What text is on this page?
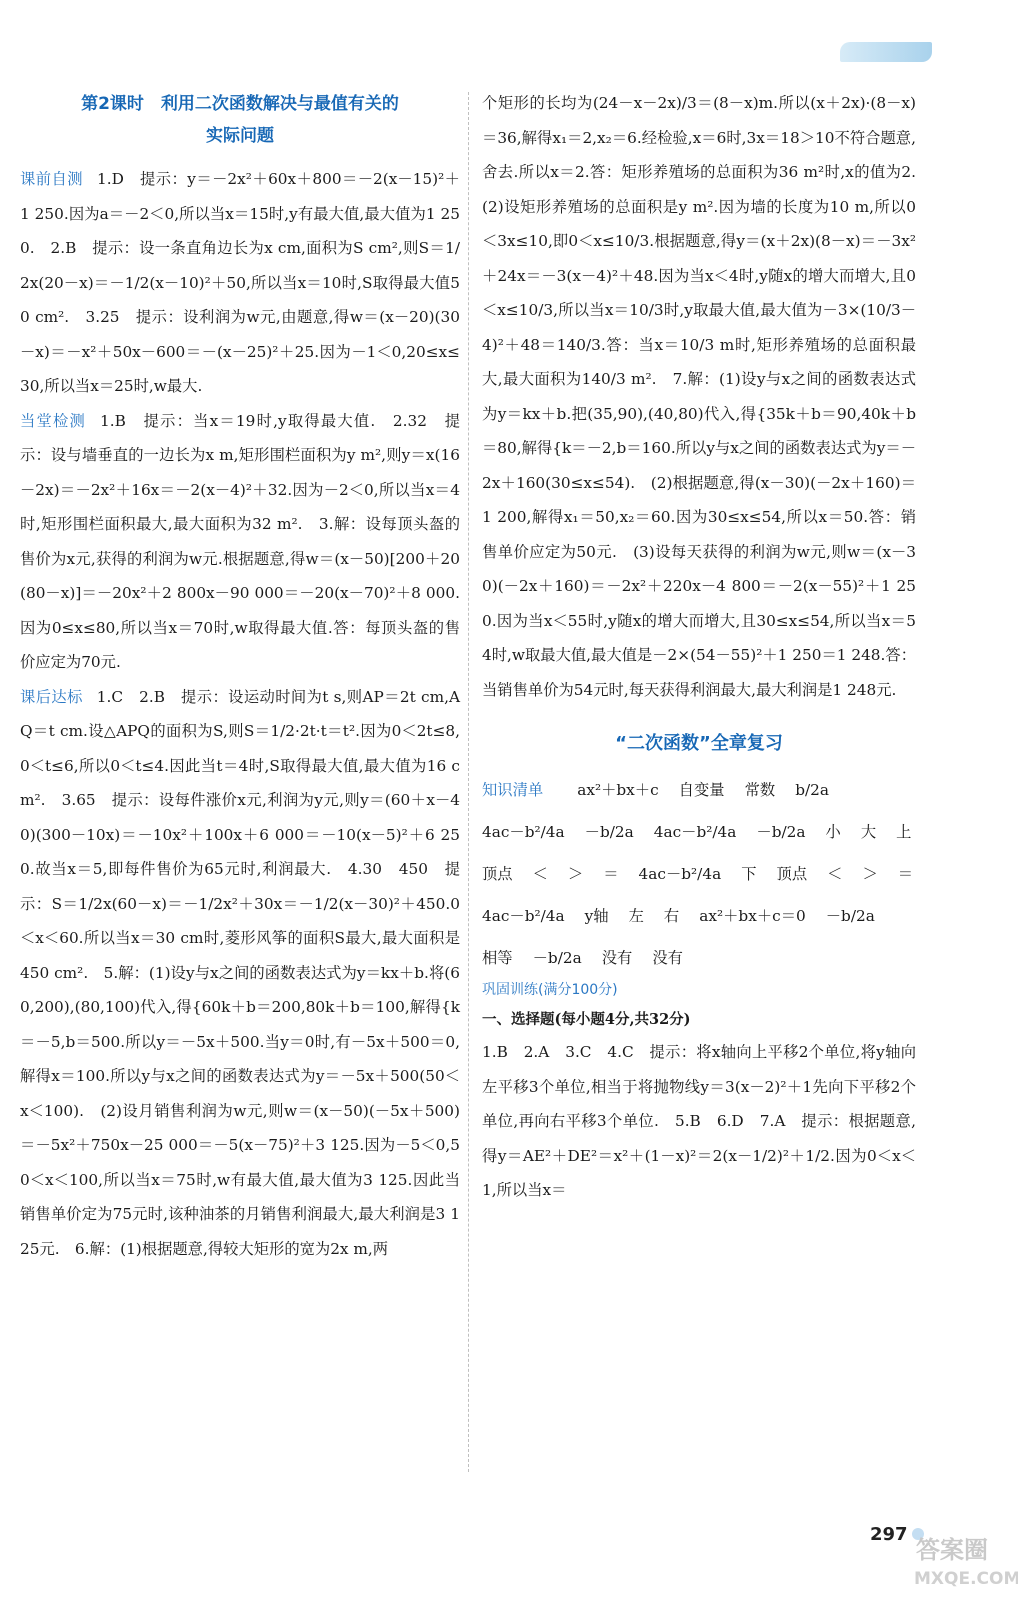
第2课时　利用二次函数解决与最值有关的
实际问题

课前自测 1.D　提示：y＝－2x²＋60x＋800＝－2(x－15)²＋1 250.因为a＝－2＜0,所以当x＝15时,y有最大值,最大值为1 250.　2.B　提示：设一条直角边长为x cm,面积为S cm²,则S＝1/2x(20－x)＝－1/2(x－10)²＋50,所以当x＝10时,S取得最大值50 cm².　3.25　提示：设利润为w元,由题意,得w＝(x－20)(30－x)＝－x²＋50x－600＝－(x－25)²＋25.因为－1＜0,20≤x≤30,所以当x＝25时,w最大.

当堂检测 1.B　提示：当x＝19时,y取得最大值.　2.32　提示：设与墙垂直的一边长为x m,矩形围栏面积为y m²,则y＝x(16－2x)＝－2x²＋16x＝－2(x－4)²＋32.因为－2＜0,所以当x＝4时,矩形围栏面积最大,最大面积为32 m².　3.解：设每顶头盔的售价为x元,获得的利润为w元.根据题意,得w＝(x－50)[200＋20(80－x)]＝－20x²＋2 800x－90 000＝－20(x－70)²＋8 000.因为0≤x≤80,所以当x＝70时,w取得最大值.答：每顶头盔的售价应定为70元.

课后达标 1.C　2.B　提示：设运动时间为t s,则AP＝2t cm,AQ＝t cm.设△APQ的面积为S,则S＝1/2·2t·t＝t².因为0＜2t≤8,0＜t≤6,所以0＜t≤4.因此当t＝4时,S取得最大值,最大值为16 cm².　3.65　提示：设每件涨价x元,利润为y元,则y＝(60＋x－40)(300－10x)＝－10x²＋100x＋6 000＝－10(x－5)²＋6 250.故当x＝5,即每件售价为65元时,利润最大.　4.30　450　提示：S＝1/2x(60－x)＝－1/2x²＋30x＝－1/2(x－30)²＋450.0＜x＜60.所以当x＝30 cm时,菱形风筝的面积S最大,最大面积是450 cm².　5.解：(1)设y与x之间的函数表达式为y＝kx＋b.将(60,200),(80,100)代入,得{60k＋b＝200,80k＋b＝100,解得{k＝－5,b＝500.所以y＝－5x＋500.当y＝0时,有－5x＋500＝0,解得x＝100.所以y与x之间的函数表达式为y＝－5x＋500(50＜x＜100).　(2)设月销售利润为w元,则w＝(x－50)(－5x＋500)＝－5x²＋750x－25 000＝－5(x－75)²＋3 125.因为－5＜0,50＜x＜100,所以当x＝75时,w有最大值,最大值为3 125.因此当销售单价定为75元时,该种油茶的月销售利润最大,最大利润是3 125元.　6.解：(1)根据题意,得较大矩形的宽为2x m,两

个矩形的长均为(24－x－2x)/3＝(8－x)m.所以(x＋2x)·(8－x)＝36,解得x₁＝2,x₂＝6.经检验,x＝6时,3x＝18＞10不符合题意,舍去.所以x＝2.答：矩形养殖场的总面积为36 m²时,x的值为2.　(2)设矩形养殖场的总面积是y m².因为墙的长度为10 m,所以0＜3x≤10,即0＜x≤10/3.根据题意,得y＝(x＋2x)(8－x)＝－3x²＋24x＝－3(x－4)²＋48.因为当x＜4时,y随x的增大而增大,且0＜x≤10/3,所以当x＝10/3时,y取最大值,最大值为－3×(10/3－4)²＋48＝140/3.答：当x＝10/3 m时,矩形养殖场的总面积最大,最大面积为140/3 m².　7.解：(1)设y与x之间的函数表达式为y＝kx＋b.把(35,90),(40,80)代入,得{35k＋b＝90,40k＋b＝80,解得{k＝－2,b＝160.所以y与x之间的函数表达式为y＝－2x＋160(30≤x≤54).　(2)根据题意,得(x－30)(－2x＋160)＝1 200,解得x₁＝50,x₂＝60.因为30≤x≤54,所以x＝50.答：销售单价应定为50元.　(3)设每天获得的利润为w元,则w＝(x－30)(－2x＋160)＝－2x²＋220x－4 800＝－2(x－55)²＋1 250.因为当x＜55时,y随x的增大而增大,且30≤x≤54,所以当x＝54时,w取最大值,最大值是－2×(54－55)²＋1 250＝1 248.答：当销售单价为54元时,每天获得利润最大,最大利润是1 248元.

“二次函数”全章复习
知识清单 ax²＋bx＋c 自变量 常数 b/2a
4ac－b²/4a －b/2a 4ac－b²/4a －b/2a 小 大 上
顶点 ＜ ＞ ＝ 4ac－b²/4a 下 顶点 ＜ ＞ ＝
4ac－b²/4a y轴 左 右 ax²＋bx＋c＝0 －b/2a
相等 －b/2a 没有 没有
巩固训练(满分100分)
一、选择题(每小题4分,共32分)

1.B　2.A　3.C　4.C　提示：将x轴向上平移2个单位,将y轴向左平移3个单位,相当于将抛物线y＝3(x－2)²＋1先向下平移2个单位,再向右平移3个单位.　5.B　6.D　7.A　提示：根据题意,得y＝AE²＋DE²＝x²＋(1－x)²＝2(x－1/2)²＋1/2.因为0＜x＜1,所以当x＝

297
答案圈
MXQE.COM
